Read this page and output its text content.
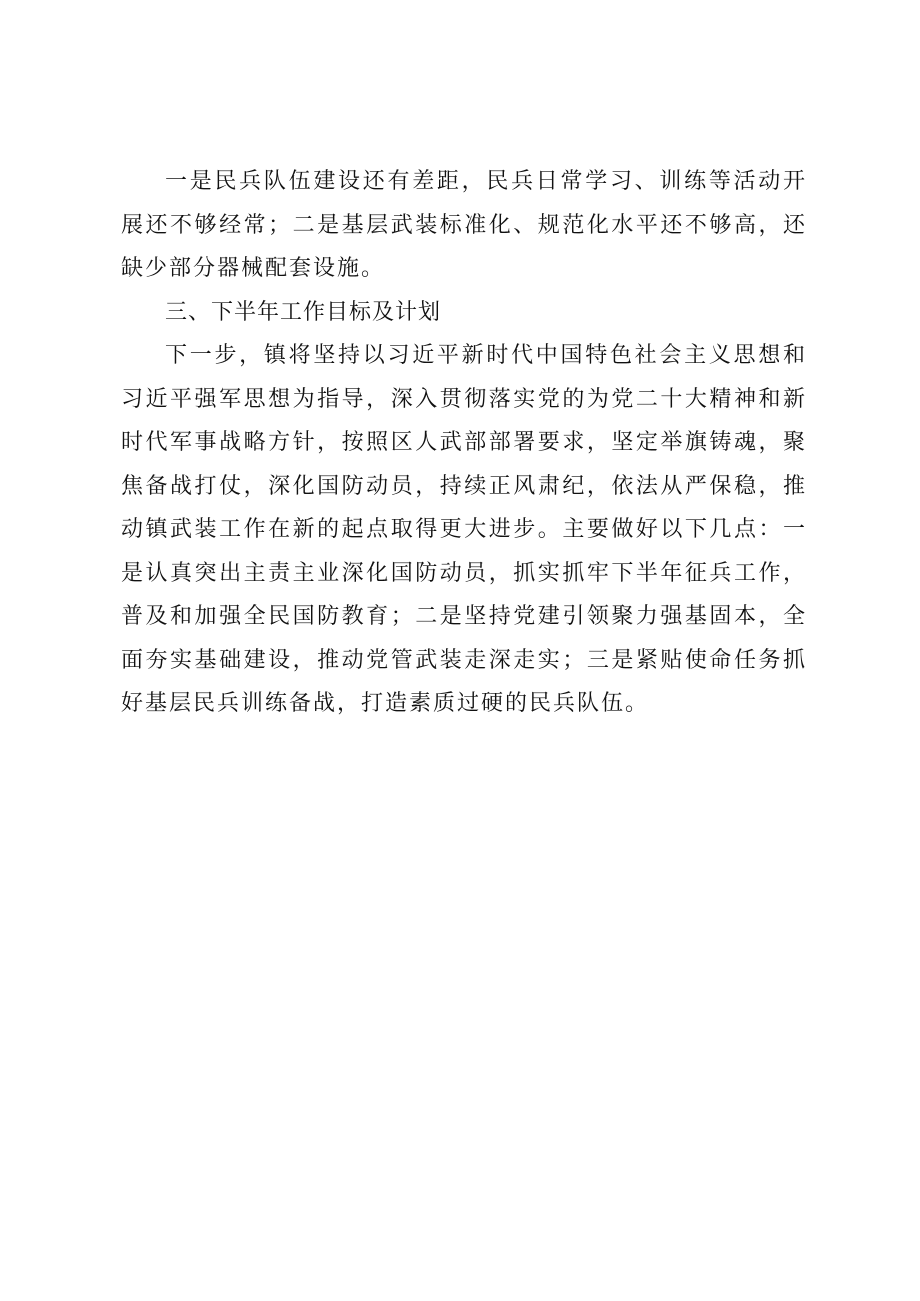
一是民兵队伍建设还有差距，民兵日常学习、训练等活动开展还不够经常；二是基层武装标准化、规范化水平还不够高，还缺少部分器械配套设施。

三、下半年工作目标及计划

下一步，镇将坚持以习近平新时代中国特色社会主义思想和习近平强军思想为指导，深入贯彻落实党的为党二十大精神和新时代军事战略方针，按照区人武部部署要求，坚定举旗铸魂，聚焦备战打仗，深化国防动员，持续正风肃纪，依法从严保稳，推动镇武装工作在新的起点取得更大进步。主要做好以下几点：一是认真突出主责主业深化国防动员，抓实抓牢下半年征兵工作，普及和加强全民国防教育；二是坚持党建引领聚力强基固本，全面夯实基础建设，推动党管武装走深走实；三是紧贴使命任务抓好基层民兵训练备战，打造素质过硬的民兵队伍。
